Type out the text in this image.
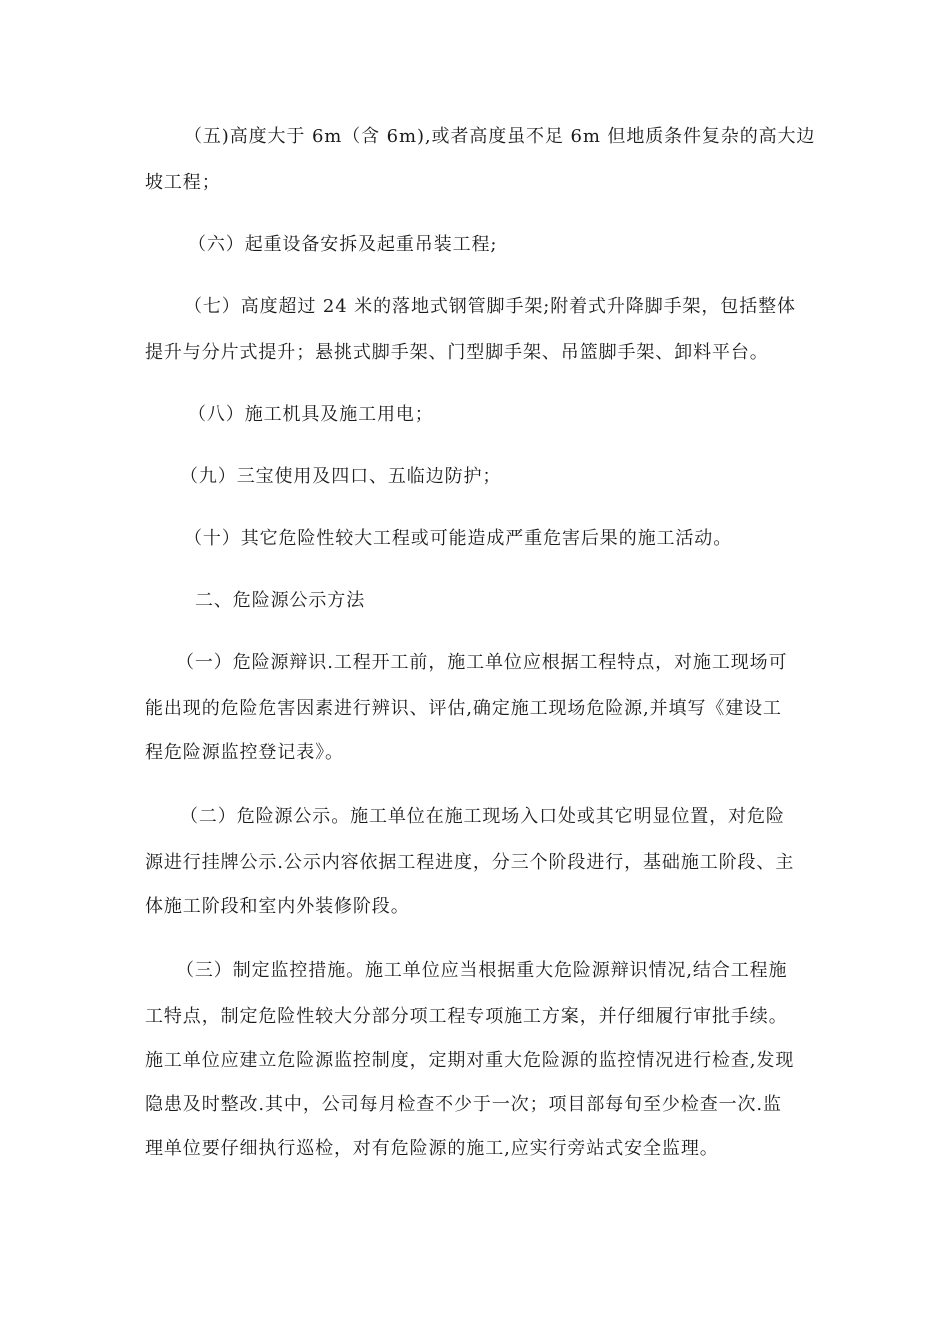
（五)高度大于 6m（含 6m),或者高度虽不足 6m 但地质条件复杂的高大边

坡工程；

（六）起重设备安拆及起重吊装工程;

（七）高度超过 24 米的落地式钢管脚手架;附着式升降脚手架，包括整体

提升与分片式提升；悬挑式脚手架、门型脚手架、吊篮脚手架、卸料平台。

（八）施工机具及施工用电；

（九）三宝使用及四口、五临边防护；

（十）其它危险性较大工程或可能造成严重危害后果的施工活动。

二、危险源公示方法

（一）危险源辩识.工程开工前，施工单位应根据工程特点，对施工现场可

能出现的危险危害因素进行辨识、评估,确定施工现场危险源,并填写《建设工

程危险源监控登记表》。

（二）危险源公示。施工单位在施工现场入口处或其它明显位置，对危险

源进行挂牌公示.公示内容依据工程进度，分三个阶段进行，基础施工阶段、主

体施工阶段和室内外装修阶段。

（三）制定监控措施。施工单位应当根据重大危险源辩识情况,结合工程施

工特点，制定危险性较大分部分项工程专项施工方案，并仔细履行审批手续。

施工单位应建立危险源监控制度，定期对重大危险源的监控情况进行检查,发现

隐患及时整改.其中，公司每月检查不少于一次；项目部每旬至少检查一次.监

理单位要仔细执行巡检，对有危险源的施工,应实行旁站式安全监理。
